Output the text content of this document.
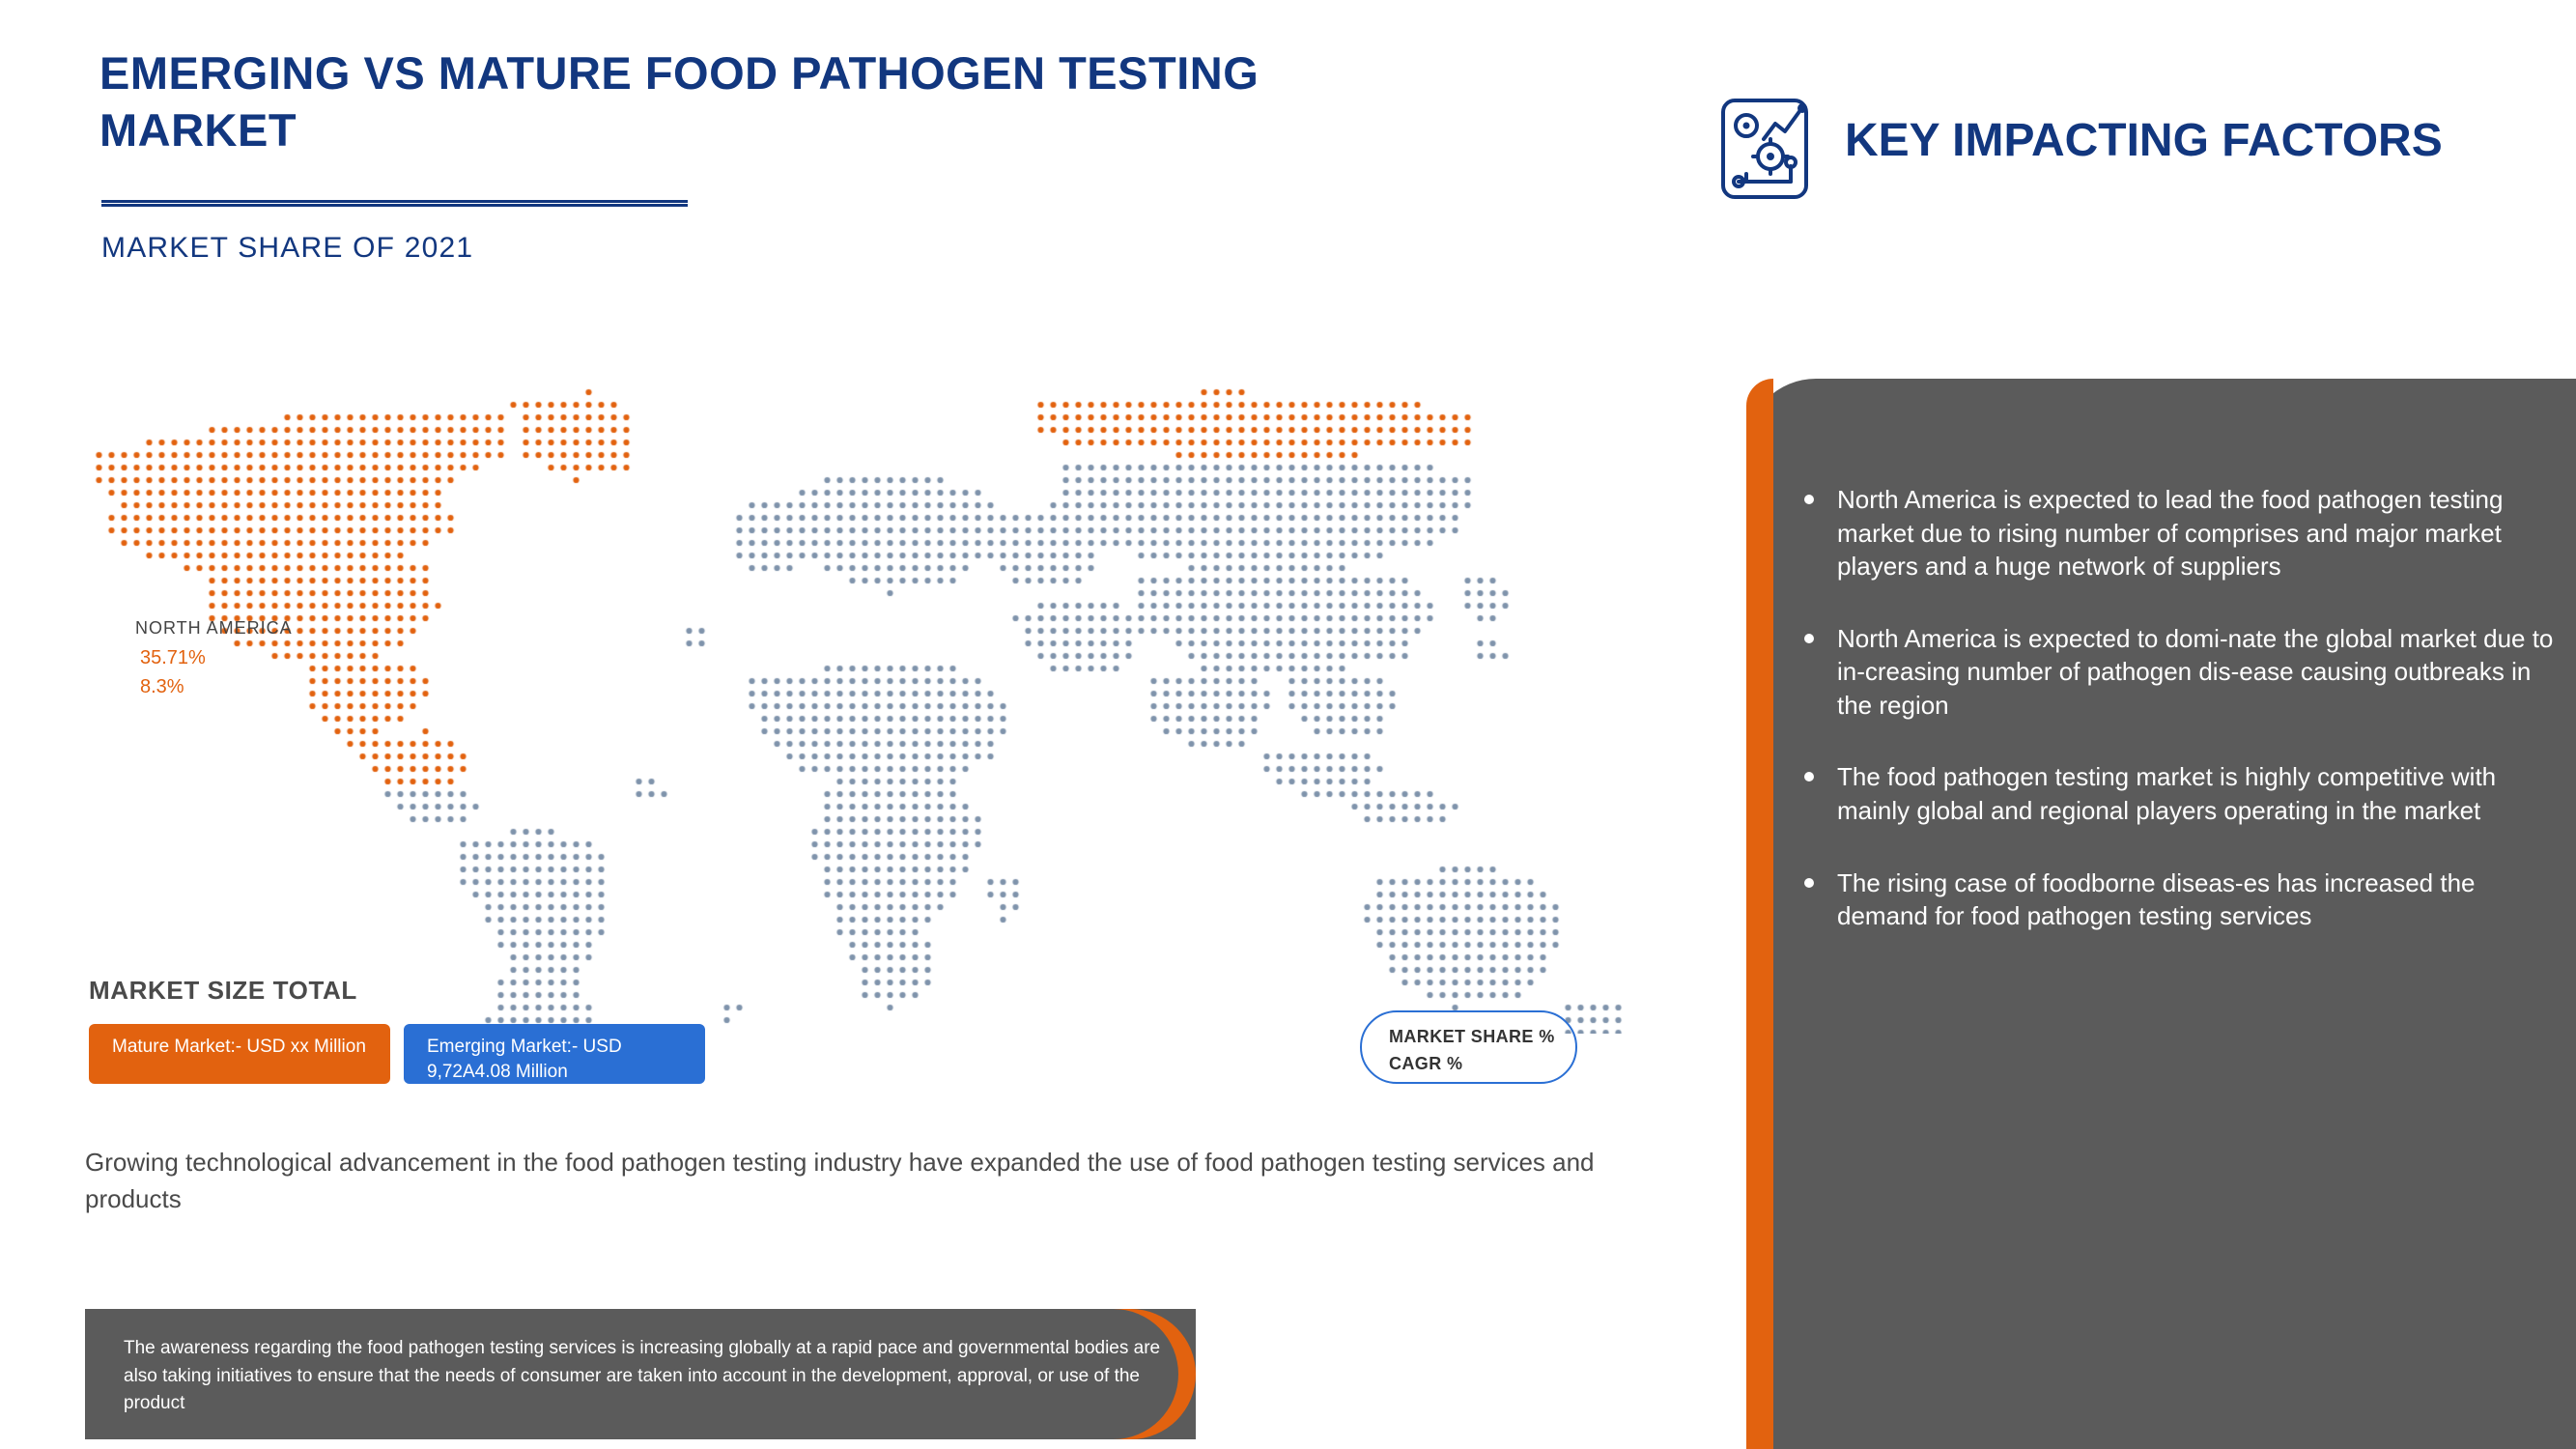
EMERGING VS MATURE FOOD PATHOGEN TESTING MARKET
MARKET SHARE OF 2021
NORTH AMERICA
35.71%
8.3%
MARKET SHARE %
CAGR %
MARKET SIZE TOTAL
Mature Market:- USD xx Million	Emerging Market:- USD 9,72A4.08 Million
Growing technological advancement in the food pathogen testing industry have expanded the use of food pathogen testing services and products
The awareness regarding the food pathogen testing services is increasing globally at a rapid pace and governmental bodies are also taking initiatives to ensure that the needs of consumer are taken into account in the development, approval, or use of the product
KEY IMPACTING FACTORS
North America is expected to lead the food pathogen testing market due to rising number of comprises and major market players and a huge network of suppliers
North America is expected to domi-nate the global market due to in-creasing number of pathogen dis-ease causing outbreaks in the region
The food pathogen testing market is highly competitive with mainly global and regional players operating in the market
The rising case of foodborne diseas-es has increased the demand for food pathogen testing services
